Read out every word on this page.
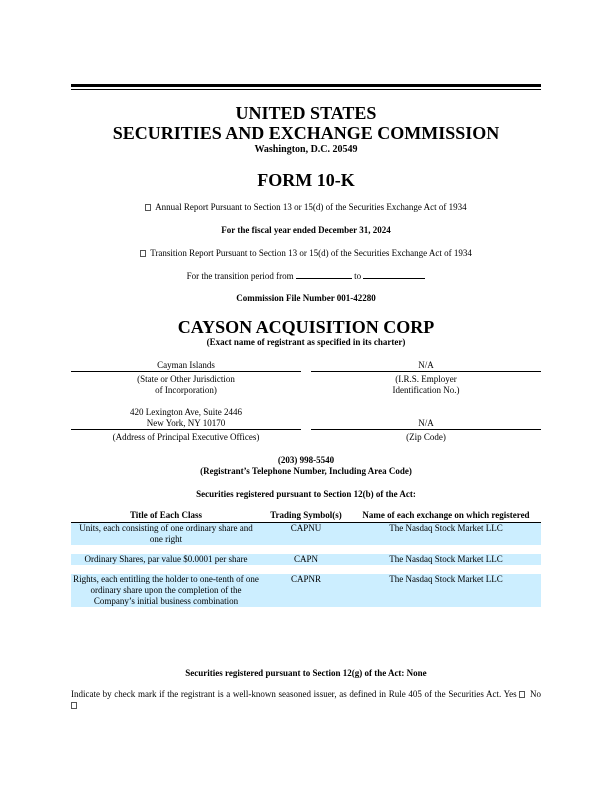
UNITED STATES
SECURITIES AND EXCHANGE COMMISSION
Washington, D.C. 20549
FORM 10-K
Annual Report Pursuant to Section 13 or 15(d) of the Securities Exchange Act of 1934
For the fiscal year ended December 31, 2024
Transition Report Pursuant to Section 13 or 15(d) of the Securities Exchange Act of 1934
For the transition period from	to
Commission File Number 001-42280
CAYSON ACQUISITION CORP
(Exact name of registrant as specified in its charter)
Cayman Islands
(State or Other Jurisdiction
of Incorporation)
N/A
(I.R.S. Employer
Identification No.)
420 Lexington Ave, Suite 2446
New York, NY 10170
(Address of Principal Executive Offices)
N/A
(Zip Code)
(203) 998-5540
(Registrant’s Telephone Number, Including Area Code)
Securities registered pursuant to Section 12(b) of the Act:
Title of Each Class	Trading Symbol(s)	Name of each exchange on which registered
Units, each consisting of one ordinary share and one right	CAPNU	The Nasdaq Stock Market LLC

Ordinary Shares, par value $0.0001 per share	CAPN	The Nasdaq Stock Market LLC

Rights, each entitling the holder to one-tenth of one ordinary share upon the completion of the Company’s initial business combination	CAPNR	The Nasdaq Stock Market LLC
Securities registered pursuant to Section 12(g) of the Act: None
Indicate by check mark if the registrant is a well-known seasoned issuer, as defined in Rule 405 of the Securities Act. Yes No
